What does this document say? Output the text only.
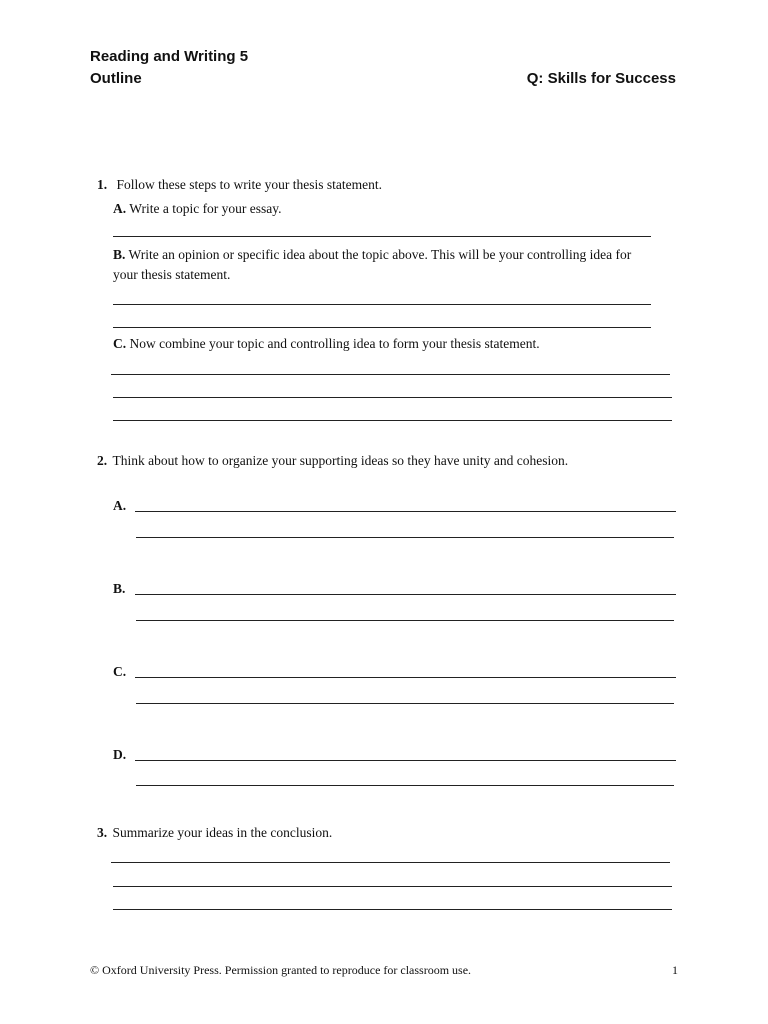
Reading and Writing 5
Outline	Q: Skills for Success
1. Follow these steps to write your thesis statement.
A. Write a topic for your essay.
B. Write an opinion or specific idea about the topic above. This will be your controlling idea for
your thesis statement.
C. Now combine your topic and controlling idea to form your thesis statement.
2. Think about how to organize your supporting ideas so they have unity and cohesion.
A.
B.
C.
D.
3. Summarize your ideas in the conclusion.
© Oxford University Press. Permission granted to reproduce for classroom use.	1
